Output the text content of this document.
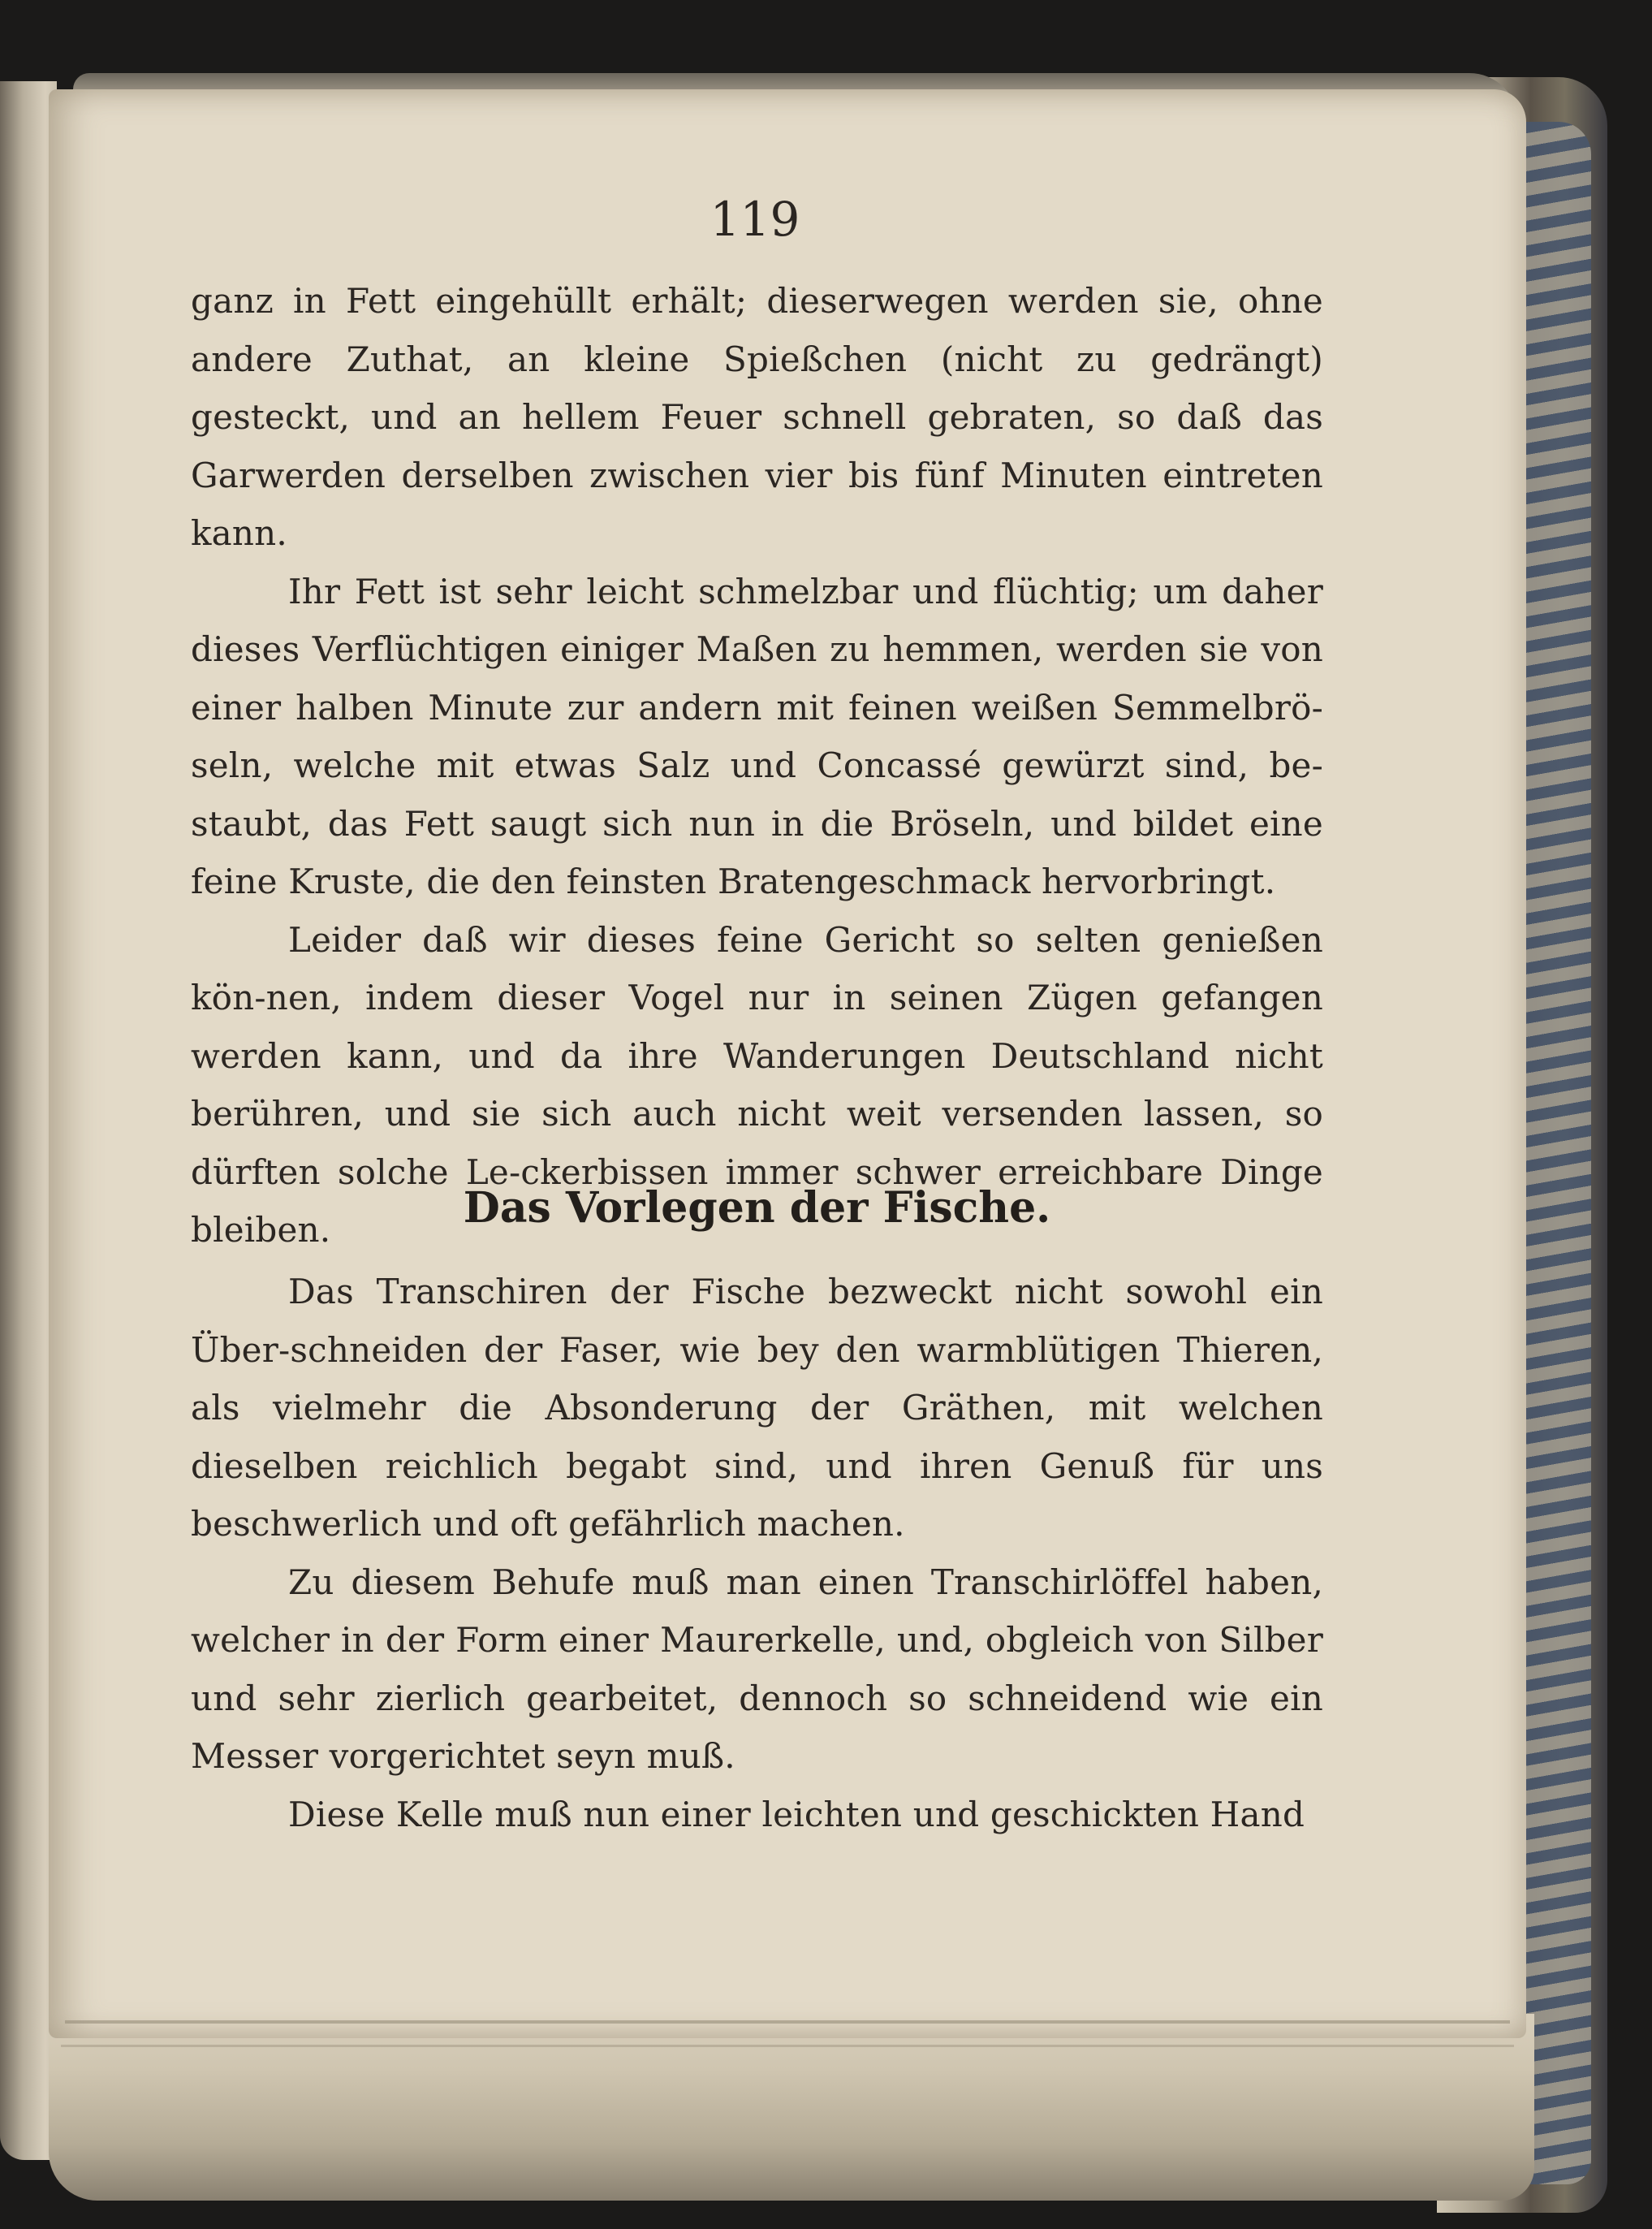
119

ganz in Fett eingehüllt erhält; dieserwegen werden sie, ohne andere Zuthat, an kleine Spießchen (nicht zu gedrängt) gesteckt, und an hellem Feuer schnell gebraten, so daß das Garwerden derselben zwischen vier bis fünf Minuten eintreten kann.

Ihr Fett ist sehr leicht schmelzbar und flüchtig; um daher dieses Verflüchtigen einiger Maßen zu hemmen, werden sie von einer halben Minute zur andern mit feinen weißen Semmelbrö-seln, welche mit etwas Salz und Concassé gewürzt sind, be-staubt, das Fett saugt sich nun in die Bröseln, und bildet eine feine Kruste, die den feinsten Bratengeschmack hervorbringt.

Leider daß wir dieses feine Gericht so selten genießen kön-nen, indem dieser Vogel nur in seinen Zügen gefangen werden kann, und da ihre Wanderungen Deutschland nicht berühren, und sie sich auch nicht weit versenden lassen, so dürften solche Le-ckerbissen immer schwer erreichbare Dinge bleiben.	Das Vorlegen der Fische.

Das Transchiren der Fische bezweckt nicht sowohl ein Über-schneiden der Faser, wie bey den warmblütigen Thieren, als vielmehr die Absonderung der Gräthen, mit welchen dieselben reichlich begabt sind, und ihren Genuß für uns beschwerlich und oft gefährlich machen.

Zu diesem Behufe muß man einen Transchirlöffel haben, welcher in der Form einer Maurerkelle, und, obgleich von Silber und sehr zierlich gearbeitet, dennoch so schneidend wie ein Messer vorgerichtet seyn muß.

Diese Kelle muß nun einer leichten und geschickten Hand
